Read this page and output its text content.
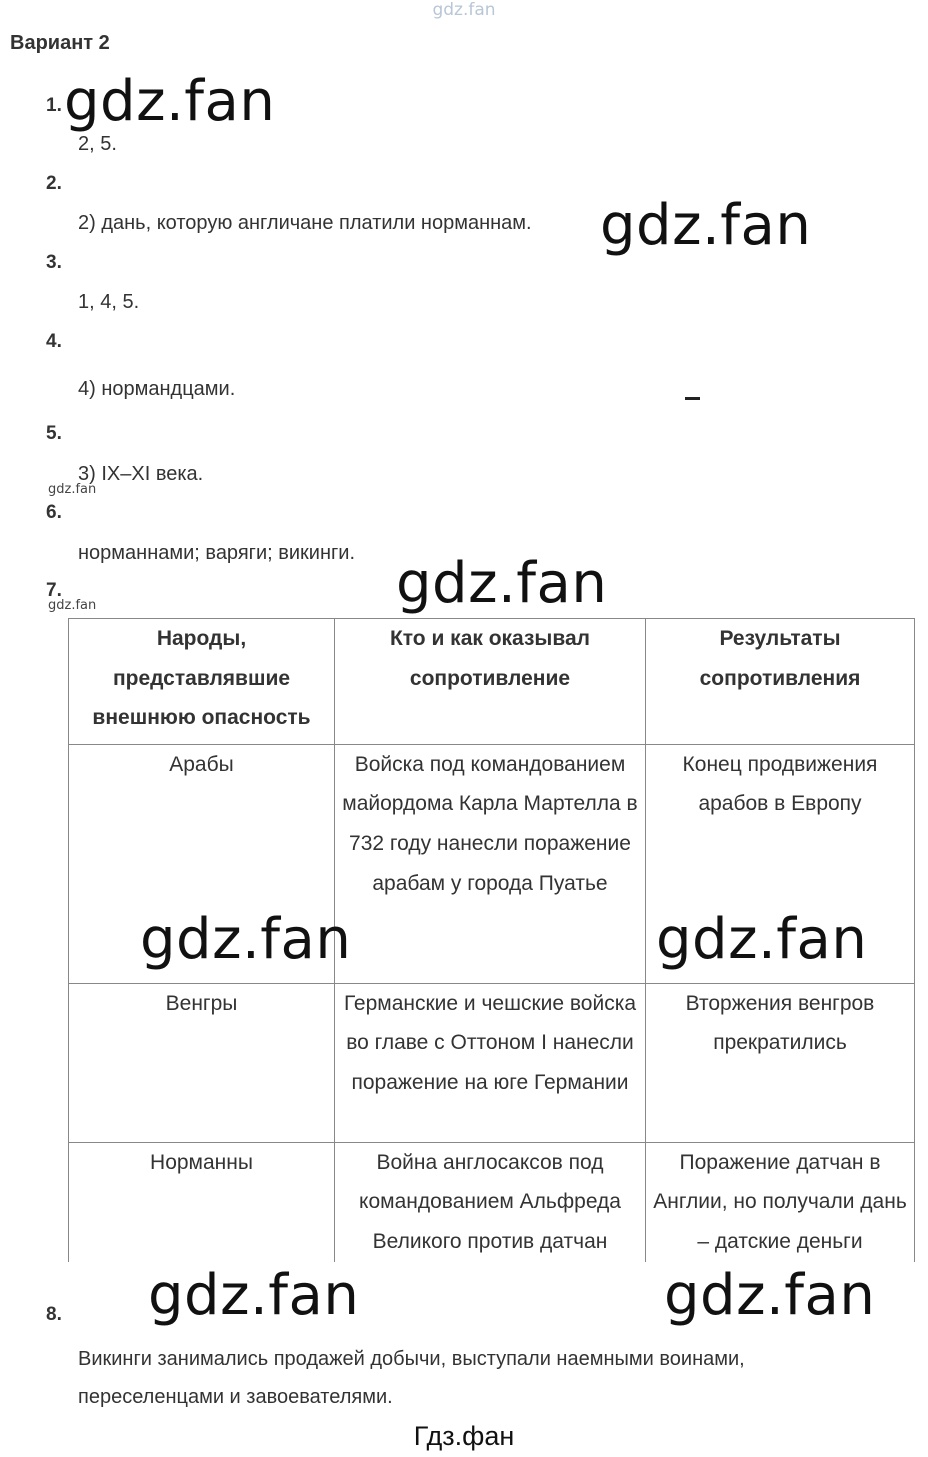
gdz.fan
Вариант 2
1.
2, 5.
2.
2) дань, которую англичане платили норманнам.
3.
1, 4, 5.
4.
4) нормандцами.
5.
3) IX–XI века.
6.
норманнами; варяги; викинги.
7.
Народы, представлявшие внешнюю опасность	Кто и как оказывал сопротивление	Результаты сопротивления
Арабы	Войска под командованием майордома Карла Мартелла в 732 году нанесли поражение арабам у города Пуатье	Конец продвижения арабов в Европу
Венгры	Германские и чешские войска во главе с Оттоном I нанесли поражение на юге Германии	Вторжения венгров прекратились
Норманны	Война англосаксов под командованием Альфреда Великого против датчан	Поражение датчан в Англии, но получали дань – датские деньги
8.
Викинги занимались продажей добычи, выступали наемными воинами, переселенцами и завоевателями.
gdz.fan
gdz.fan
gdz.fan
gdz.fan	gdz.fan
gdz.fan	gdz.fan
gdz.fan
gdz.fan
Гдз.фан
